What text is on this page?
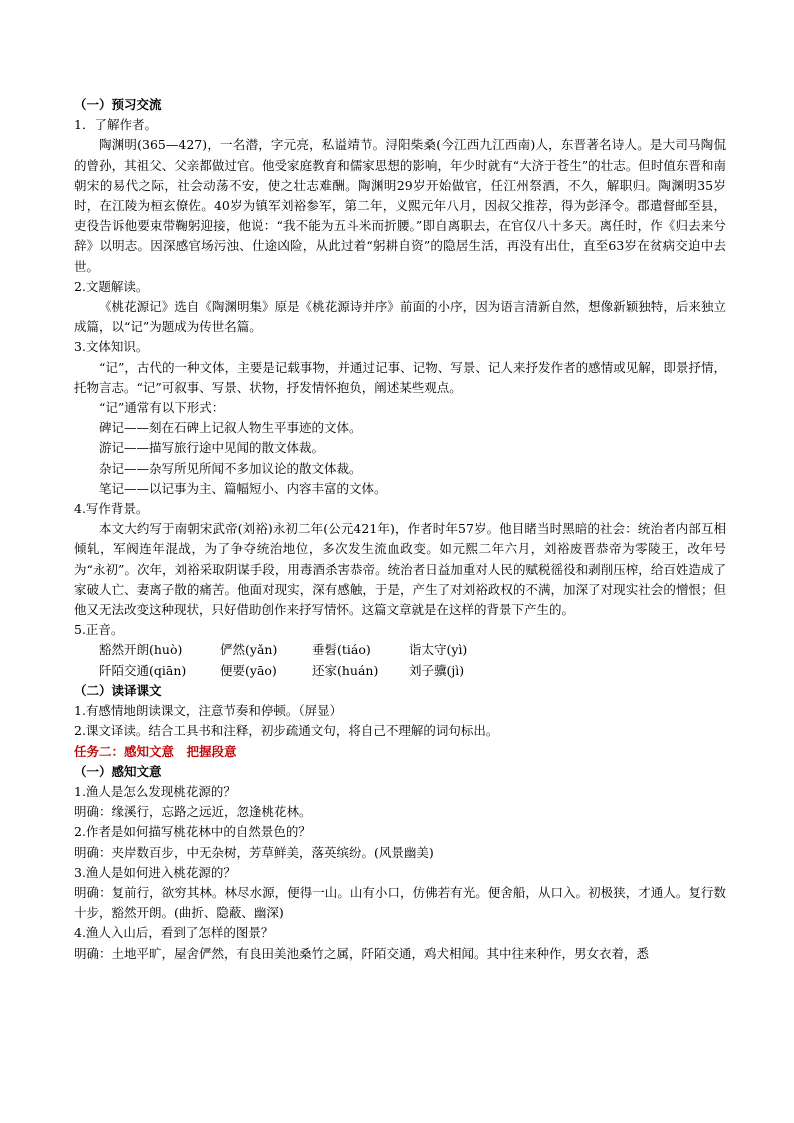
（一）预习交流

1．了解作者。

陶渊明(365—427)，一名潜，字元亮，私谥靖节。浔阳柴桑(今江西九江西南)人，东晋著名诗人。是大司马陶侃的曾孙，其祖父、父亲都做过官。他受家庭教育和儒家思想的影响，年少时就有“大济于苍生”的壮志。但时值东晋和南朝宋的易代之际，社会动荡不安，使之壮志难酬。陶渊明29岁开始做官，任江州祭酒，不久，解职归。陶渊明35岁时，在江陵为桓玄僚佐。40岁为镇军刘裕参军，第二年，义熙元年八月，因叔父推荐，得为彭泽令。郡遣督邮至县，吏役告诉他要束带鞠躬迎接，他说：“我不能为五斗米而折腰。”即自离职去，在官仅八十多天。离任时，作《归去来兮辞》以明志。因深感官场污浊、仕途凶险，从此过着“躬耕自资”的隐居生活，再没有出仕，直至63岁在贫病交迫中去世。

2.文题解读。

《桃花源记》选自《陶渊明集》原是《桃花源诗并序》前面的小序，因为语言清新自然，想像新颖独特，后来独立成篇，以“记”为题成为传世名篇。

3.文体知识。

“记”，古代的一种文体，主要是记载事物，并通过记事、记物、写景、记人来抒发作者的感情或见解，即景抒情，托物言志。“记”可叙事、写景、状物，抒发情怀抱负，阐述某些观点。

“记”通常有以下形式：

碑记——刻在石碑上记叙人物生平事迹的文体。

游记——描写旅行途中见闻的散文体裁。

杂记——杂写所见所闻不多加议论的散文体裁。

笔记——以记事为主、篇幅短小、内容丰富的文体。

4.写作背景。

本文大约写于南朝宋武帝(刘裕)永初二年(公元421年)，作者时年57岁。他目睹当时黑暗的社会：统治者内部互相倾轧，军阀连年混战，为了争夺统治地位，多次发生流血政变。如元熙二年六月，刘裕废晋恭帝为零陵王，改年号为“永初”。次年，刘裕采取阴谋手段，用毒酒杀害恭帝。统治者日益加重对人民的赋税徭役和剥削压榨，给百姓造成了家破人亡、妻离子散的痛苦。他面对现实，深有感触，于是，产生了对刘裕政权的不满，加深了对现实社会的憎恨；但他又无法改变这种现状，只好借助创作来抒写情怀。这篇文章就是在这样的背景下产生的。

5.正音。

豁然开朗(huò)	俨然(yǎn)	垂髫(tiáo)	诣太守(yì)
阡陌交通(qiān)	便要(yāo)	还家(huán)	刘子骥(jì)

（二）读译课文

1.有感情地朗读课文，注意节奏和停顿。（屏显）

2.课文译读。结合工具书和注释，初步疏通文句，将自己不理解的词句标出。

任务二：感知文意　把握段意

（一）感知文意

1.渔人是怎么发现桃花源的？

明确：缘溪行，忘路之远近，忽逢桃花林。

2.作者是如何描写桃花林中的自然景色的？

明确：夹岸数百步，中无杂树，芳草鲜美，落英缤纷。(风景幽美)

3.渔人是如何进入桃花源的？

明确：复前行，欲穷其林。林尽水源，便得一山。山有小口，仿佛若有光。便舍船，从口入。初极狭，才通人。复行数十步，豁然开朗。(曲折、隐蔽、幽深)

4.渔人入山后，看到了怎样的图景？

明确：土地平旷，屋舍俨然，有良田美池桑竹之属，阡陌交通，鸡犬相闻。其中往来种作，男女衣着，悉
